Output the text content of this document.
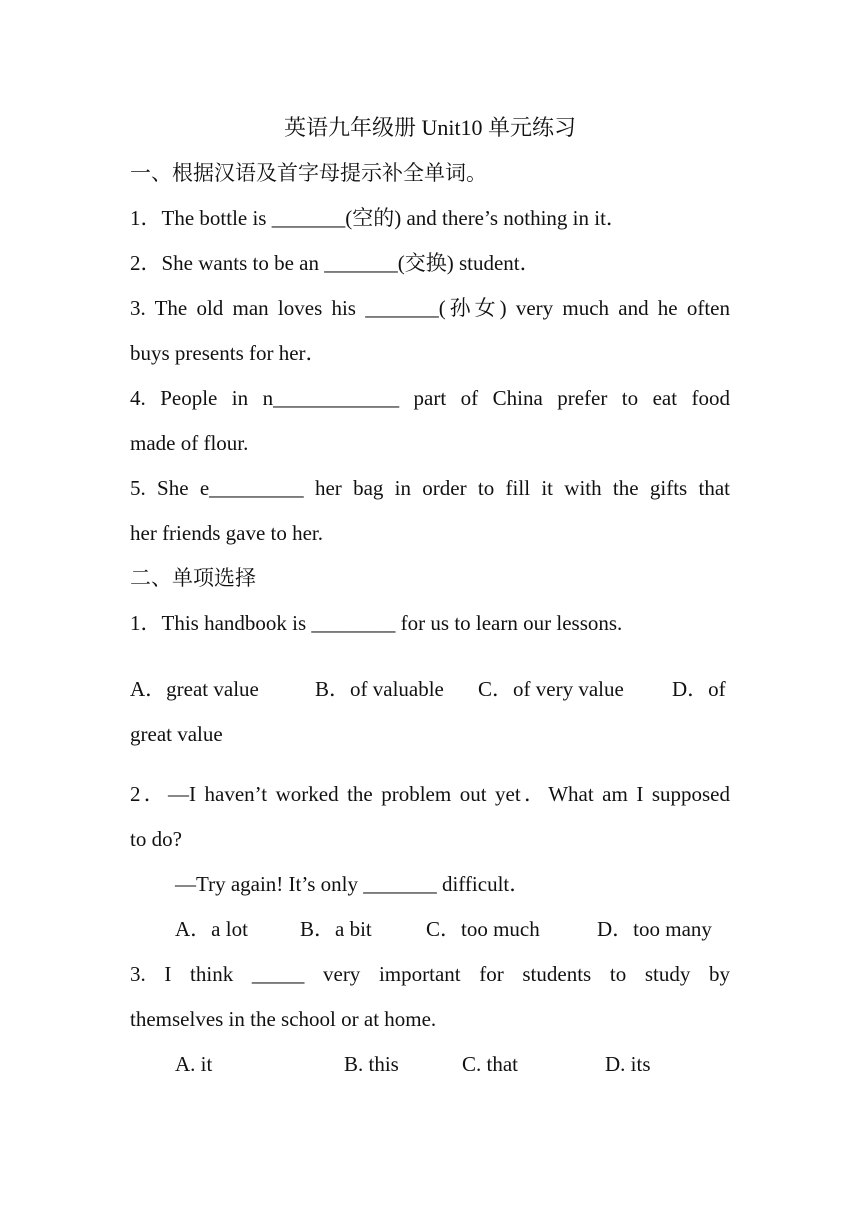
英语九年级册 Unit10 单元练习
一、根据汉语及首字母提示补全单词。
1．The bottle is _______(空的) and there’s nothing in it．
2．She wants to be an _______(交换) student．
3. The old man loves his _______(孙女) very much and he often
buys presents for her．
4. People in n____________ part of China prefer to eat food
made of flour.
5. She e_________ her bag in order to fill it with the gifts that
her friends gave to her.
二、单项选择
1．This handbook is ________ for us to learn our lessons.
A．great value	B．of valuable C．of very value D．of
great value
2．—I haven’t worked the problem out yet．What am I supposed
to do?
—Try again! It’s only _______ difficult．
A．a lot B．a bit	C．too much	D．too many
3. I think _____ very important for students to study by
themselves in the school or at home.
A. it	B. this	C. that	D. its
